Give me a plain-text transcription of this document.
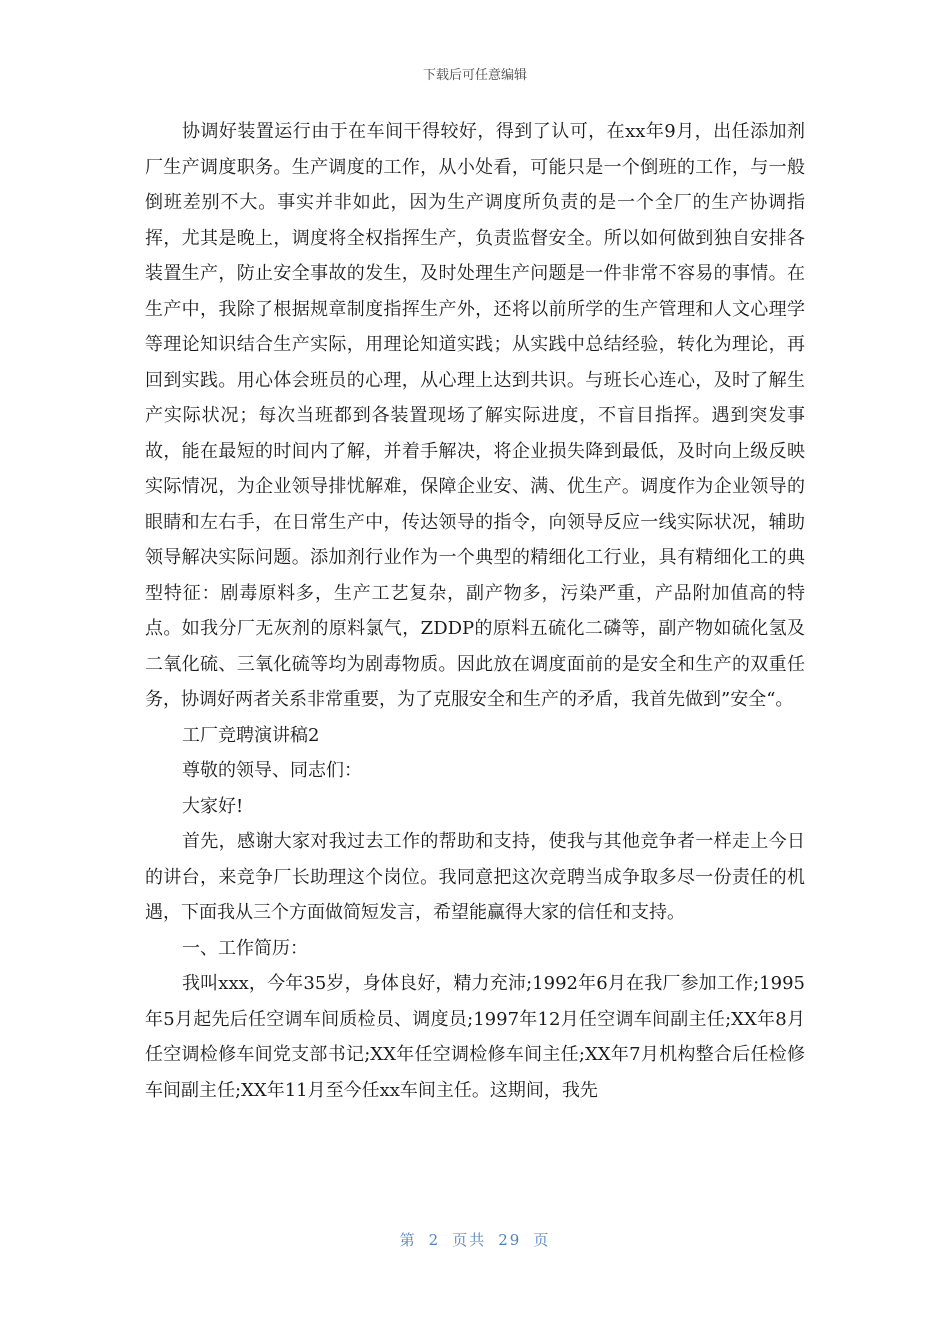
下载后可任意编辑

协调好装置运行由于在车间干得较好，得到了认可，在xx年9月，出任添加剂厂生产调度职务。生产调度的工作，从小处看，可能只是一个倒班的工作，与一般倒班差别不大。事实并非如此，因为生产调度所负责的是一个全厂的生产协调指挥，尤其是晚上，调度将全权指挥生产，负责监督安全。所以如何做到独自安排各装置生产，防止安全事故的发生，及时处理生产问题是一件非常不容易的事情。在生产中，我除了根据规章制度指挥生产外，还将以前所学的生产管理和人文心理学等理论知识结合生产实际，用理论知道实践；从实践中总结经验，转化为理论，再回到实践。用心体会班员的心理，从心理上达到共识。与班长心连心，及时了解生产实际状况；每次当班都到各装置现场了解实际进度，不盲目指挥。遇到突发事故，能在最短的时间内了解，并着手解决，将企业损失降到最低，及时向上级反映实际情况，为企业领导排忧解难，保障企业安、满、优生产。调度作为企业领导的眼睛和左右手，在日常生产中，传达领导的指令，向领导反应一线实际状况，辅助领导解决实际问题。添加剂行业作为一个典型的精细化工行业，具有精细化工的典型特征：剧毒原料多，生产工艺复杂，副产物多，污染严重，产品附加值高的特点。如我分厂无灰剂的原料氯气，ZDDP的原料五硫化二磷等，副产物如硫化氢及二氧化硫、三氧化硫等均为剧毒物质。因此放在调度面前的是安全和生产的双重任务，协调好两者关系非常重要，为了克服安全和生产的矛盾，我首先做到”安全“。

工厂竞聘演讲稿2

尊敬的领导、同志们：

大家好!

首先，感谢大家对我过去工作的帮助和支持，使我与其他竞争者一样走上今日的讲台，来竞争厂长助理这个岗位。我同意把这次竞聘当成争取多尽一份责任的机遇，下面我从三个方面做简短发言，希望能赢得大家的信任和支持。

一、工作简历：

我叫xxx，今年35岁，身体良好，精力充沛;1992年6月在我厂参加工作;1995年5月起先后任空调车间质检员、调度员;1997年12月任空调车间副主任;XX年8月任空调检修车间党支部书记;XX年任空调检修车间主任;XX年7月机构整合后任检修车间副主任;XX年11月至今任xx车间主任。这期间，我先

第 2 页共 29 页
